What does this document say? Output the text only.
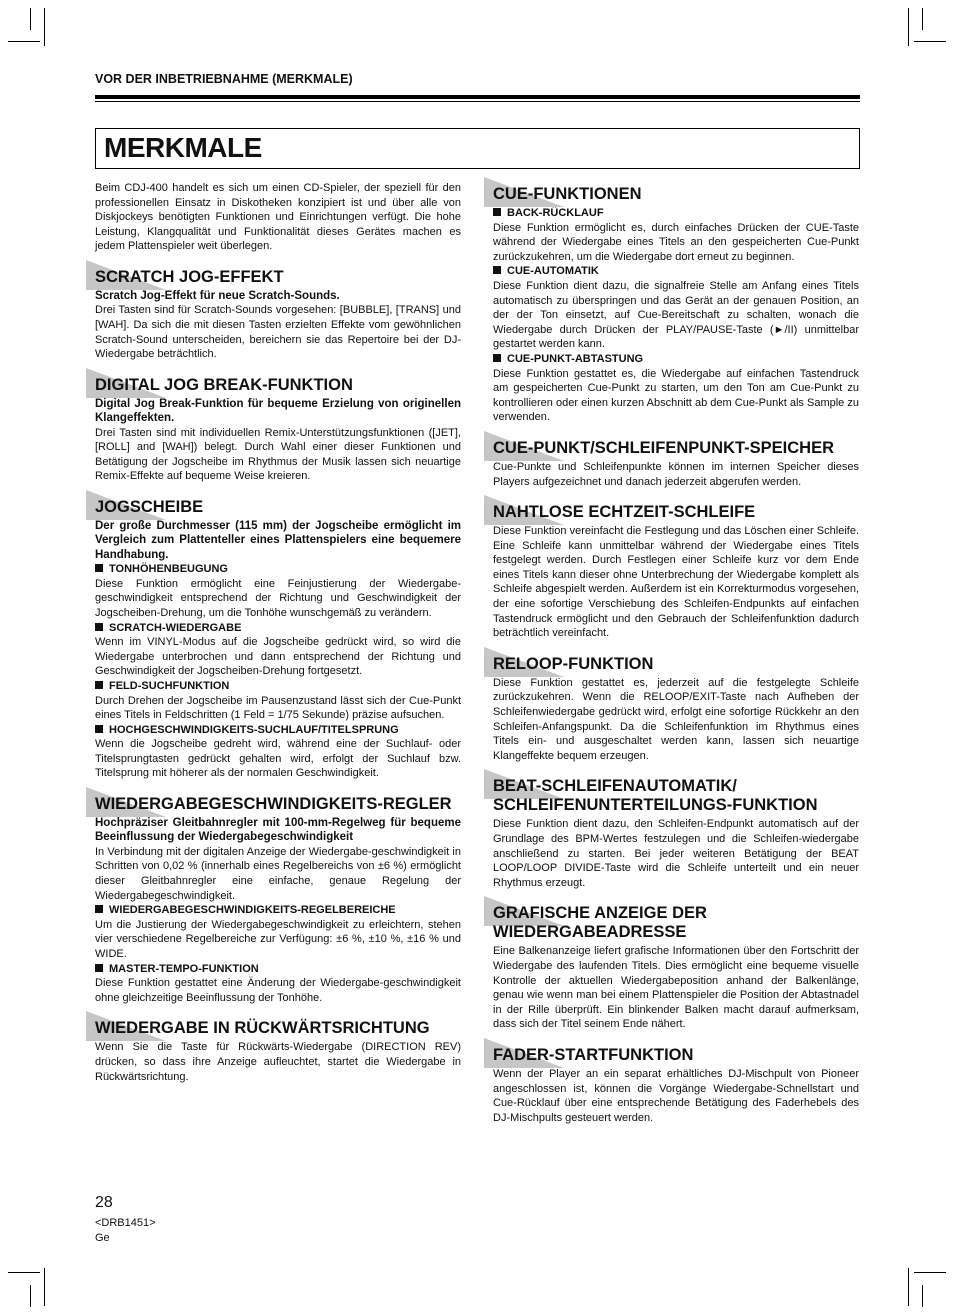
VOR DER INBETRIEBNAHME (MERKMALE)
MERKMALE

Beim CDJ-400 handelt es sich um einen CD-Spieler, der speziell für den professionellen Einsatz in Diskotheken konzipiert ist und über alle von Diskjockeys benötigten Funktionen und Einrichtungen verfügt. Die hohe Leistung, Klangqualität und Funktionalität dieses Gerätes machen es jedem Plattenspieler weit überlegen.

SCRATCH JOG-EFFEKT

Scratch Jog-Effekt für neue Scratch-Sounds.

Drei Tasten sind für Scratch-Sounds vorgesehen: [BUBBLE], [TRANS] und [WAH]. Da sich die mit diesen Tasten erzielten Effekte vom gewöhnlichen Scratch-Sound unterscheiden, bereichern sie das Repertoire bei der DJ-Wiedergabe beträchtlich.

DIGITAL JOG BREAK-FUNKTION

Digital Jog Break-Funktion für bequeme Erzielung von originellen Klangeffekten.

Drei Tasten sind mit individuellen Remix-Unterstützungsfunktionen ([JET], [ROLL] and [WAH]) belegt. Durch Wahl einer dieser Funktionen und Betätigung der Jogscheibe im Rhythmus der Musik lassen sich neuartige Remix-Effekte auf bequeme Weise kreieren.

JOGSCHEIBE

Der große Durchmesser (115 mm) der Jogscheibe ermöglicht im Vergleich zum Plattenteller eines Plattenspielers eine bequemere Handhabung.

TONHÖHENBEUGUNG

Diese Funktion ermöglicht eine Feinjustierung der Wiedergabe-geschwindigkeit entsprechend der Richtung und Geschwindigkeit der Jogscheiben-Drehung, um die Tonhöhe wunschgemäß zu verändern.

SCRATCH-WIEDERGABE

Wenn im VINYL-Modus auf die Jogscheibe gedrückt wird, so wird die Wiedergabe unterbrochen und dann entsprechend der Richtung und Geschwindigkeit der Jogscheiben-Drehung fortgesetzt.

FELD-SUCHFUNKTION

Durch Drehen der Jogscheibe im Pausenzustand lässt sich der Cue-Punkt eines Titels in Feldschritten (1 Feld = 1/75 Sekunde) präzise aufsuchen.

HOCHGESCHWINDIGKEITS-SUCHLAUF/TITELSPRUNG

Wenn die Jogscheibe gedreht wird, während eine der Suchlauf- oder Titelsprungtasten gedrückt gehalten wird, erfolgt der Suchlauf bzw. Titelsprung mit höherer als der normalen Geschwindigkeit.

WIEDERGABEGESCHWINDIGKEITS-REGLER

Hochpräziser Gleitbahnregler mit 100-mm-Regelweg für bequeme Beeinflussung der Wiedergabegeschwindigkeit

In Verbindung mit der digitalen Anzeige der Wiedergabe-geschwindigkeit in Schritten von 0,02 % (innerhalb eines Regelbereichs von ±6 %) ermöglicht dieser Gleitbahnregler eine einfache, genaue Regelung der Wiedergabegeschwindigkeit.

WIEDERGABEGESCHWINDIGKEITS-REGELBEREICHE

Um die Justierung der Wiedergabegeschwindigkeit zu erleichtern, stehen vier verschiedene Regelbereiche zur Verfügung: ±6 %, ±10 %, ±16 % und WIDE.

MASTER-TEMPO-FUNKTION

Diese Funktion gestattet eine Änderung der Wiedergabe-geschwindigkeit ohne gleichzeitige Beeinflussung der Tonhöhe.

WIEDERGABE IN RÜCKWÄRTSRICHTUNG

Wenn Sie die Taste für Rückwärts-Wiedergabe (DIRECTION REV) drücken, so dass ihre Anzeige aufleuchtet, startet die Wiedergabe in Rückwärtsrichtung.

CUE-FUNKTIONEN

BACK-RÜCKLAUF

Diese Funktion ermöglicht es, durch einfaches Drücken der CUE-Taste während der Wiedergabe eines Titels an den gespeicherten Cue-Punkt zurückzukehren, um die Wiedergabe dort erneut zu beginnen.

CUE-AUTOMATIK

Diese Funktion dient dazu, die signalfreie Stelle am Anfang eines Titels automatisch zu überspringen und das Gerät an der genauen Position, an der der Ton einsetzt, auf Cue-Bereitschaft zu schalten, wonach die Wiedergabe durch Drücken der PLAY/PAUSE-Taste (►/II) unmittelbar gestartet werden kann.

CUE-PUNKT-ABTASTUNG

Diese Funktion gestattet es, die Wiedergabe auf einfachen Tastendruck am gespeicherten Cue-Punkt zu starten, um den Ton am Cue-Punkt zu kontrollieren oder einen kurzen Abschnitt ab dem Cue-Punkt als Sample zu verwenden.

CUE-PUNKT/SCHLEIFENPUNKT-SPEICHER

Cue-Punkte und Schleifenpunkte können im internen Speicher dieses Players aufgezeichnet und danach jederzeit abgerufen werden.

NAHTLOSE ECHTZEIT-SCHLEIFE

Diese Funktion vereinfacht die Festlegung und das Löschen einer Schleife. Eine Schleife kann unmittelbar während der Wiedergabe eines Titels festgelegt werden. Durch Festlegen einer Schleife kurz vor dem Ende eines Titels kann dieser ohne Unterbrechung der Wiedergabe komplett als Schleife abgespielt werden. Außerdem ist ein Korrekturmodus vorgesehen, der eine sofortige Verschiebung des Schleifen-Endpunkts auf einfachen Tastendruck ermöglicht und den Gebrauch der Schleifenfunktion dadurch beträchtlich vereinfacht.

RELOOP-FUNKTION

Diese Funktion gestattet es, jederzeit auf die festgelegte Schleife zurückzukehren. Wenn die RELOOP/EXIT-Taste nach Aufheben der Schleifenwiedergabe gedrückt wird, erfolgt eine sofortige Rückkehr an den Schleifen-Anfangspunkt. Da die Schleifenfunktion im Rhythmus eines Titels ein- und ausgeschaltet werden kann, lassen sich neuartige Klangeffekte bequem erzeugen.

BEAT-SCHLEIFENAUTOMATIK/ SCHLEIFENUNTERTEILUNGS-FUNKTION

Diese Funktion dient dazu, den Schleifen-Endpunkt automatisch auf der Grundlage des BPM-Wertes festzulegen und die Schleifen-wiedergabe anschließend zu starten. Bei jeder weiteren Betätigung der BEAT LOOP/LOOP DIVIDE-Taste wird die Schleife unterteilt und ein neuer Rhythmus erzeugt.

GRAFISCHE ANZEIGE DER WIEDERGABEADRESSE

Eine Balkenanzeige liefert grafische Informationen über den Fortschritt der Wiedergabe des laufenden Titels. Dies ermöglicht eine bequeme visuelle Kontrolle der aktuellen Wiedergabeposition anhand der Balkenlänge, genau wie wenn man bei einem Plattenspieler die Position der Abtastnadel in der Rille überprüft. Ein blinkender Balken macht darauf aufmerksam, dass sich der Titel seinem Ende nähert.

FADER-STARTFUNKTION

Wenn der Player an ein separat erhältliches DJ-Mischpult von Pioneer angeschlossen ist, können die Vorgänge Wiedergabe-Schnellstart und Cue-Rücklauf über eine entsprechende Betätigung des Faderhebels des DJ-Mischpults gesteuert werden.

28
<DRB1451>
Ge
